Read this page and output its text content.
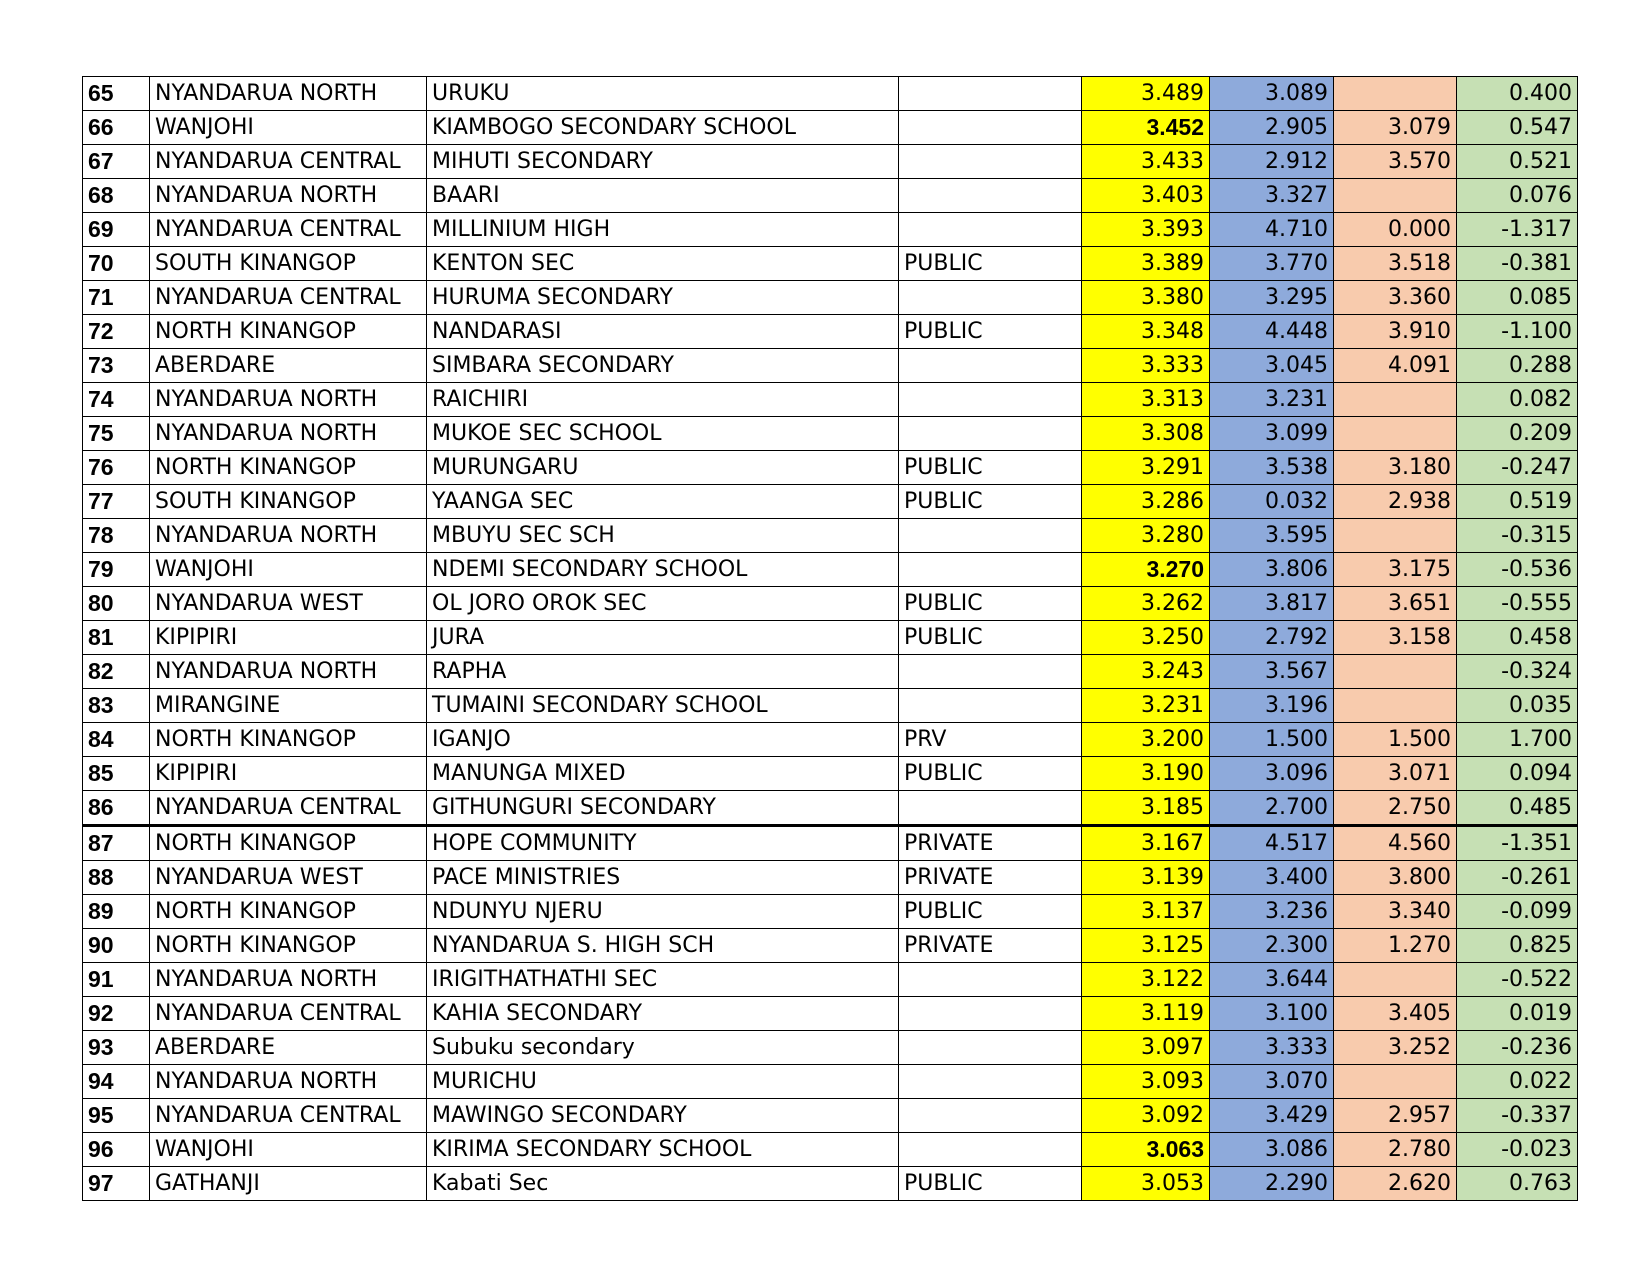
65	NYANDARUA NORTH	URUKU		3.489	3.089		0.400
66	WANJOHI	KIAMBOGO SECONDARY SCHOOL		3.452	2.905	3.079	0.547
67	NYANDARUA CENTRAL	MIHUTI SECONDARY		3.433	2.912	3.570	0.521
68	NYANDARUA NORTH	BAARI		3.403	3.327		0.076
69	NYANDARUA CENTRAL	MILLINIUM HIGH		3.393	4.710	0.000	-1.317
70	SOUTH KINANGOP	KENTON SEC	PUBLIC	3.389	3.770	3.518	-0.381
71	NYANDARUA CENTRAL	HURUMA SECONDARY		3.380	3.295	3.360	0.085
72	NORTH KINANGOP	NANDARASI	PUBLIC	3.348	4.448	3.910	-1.100
73	ABERDARE	SIMBARA SECONDARY		3.333	3.045	4.091	0.288
74	NYANDARUA NORTH	RAICHIRI		3.313	3.231		0.082
75	NYANDARUA NORTH	MUKOE SEC SCHOOL		3.308	3.099		0.209
76	NORTH KINANGOP	MURUNGARU	PUBLIC	3.291	3.538	3.180	-0.247
77	SOUTH KINANGOP	YAANGA SEC	PUBLIC	3.286	0.032	2.938	0.519
78	NYANDARUA NORTH	MBUYU SEC SCH		3.280	3.595		-0.315
79	WANJOHI	NDEMI SECONDARY SCHOOL		3.270	3.806	3.175	-0.536
80	NYANDARUA WEST	OL JORO OROK SEC	PUBLIC	3.262	3.817	3.651	-0.555
81	KIPIPIRI	JURA	PUBLIC	3.250	2.792	3.158	0.458
82	NYANDARUA NORTH	RAPHA		3.243	3.567		-0.324
83	MIRANGINE	TUMAINI SECONDARY SCHOOL		3.231	3.196		0.035
84	NORTH KINANGOP	IGANJO	PRV	3.200	1.500	1.500	1.700
85	KIPIPIRI	MANUNGA MIXED	PUBLIC	3.190	3.096	3.071	0.094
86	NYANDARUA CENTRAL	GITHUNGURI SECONDARY		3.185	2.700	2.750	0.485
87	NORTH KINANGOP	HOPE COMMUNITY	PRIVATE	3.167	4.517	4.560	-1.351
88	NYANDARUA WEST	PACE MINISTRIES	PRIVATE	3.139	3.400	3.800	-0.261
89	NORTH KINANGOP	NDUNYU NJERU	PUBLIC	3.137	3.236	3.340	-0.099
90	NORTH KINANGOP	NYANDARUA S. HIGH SCH	PRIVATE	3.125	2.300	1.270	0.825
91	NYANDARUA NORTH	IRIGITHATHATHI SEC		3.122	3.644		-0.522
92	NYANDARUA CENTRAL	KAHIA SECONDARY		3.119	3.100	3.405	0.019
93	ABERDARE	Subuku secondary		3.097	3.333	3.252	-0.236
94	NYANDARUA NORTH	MURICHU		3.093	3.070		0.022
95	NYANDARUA CENTRAL	MAWINGO SECONDARY		3.092	3.429	2.957	-0.337
96	WANJOHI	KIRIMA SECONDARY SCHOOL		3.063	3.086	2.780	-0.023
97	GATHANJI	Kabati Sec	PUBLIC	3.053	2.290	2.620	0.763
